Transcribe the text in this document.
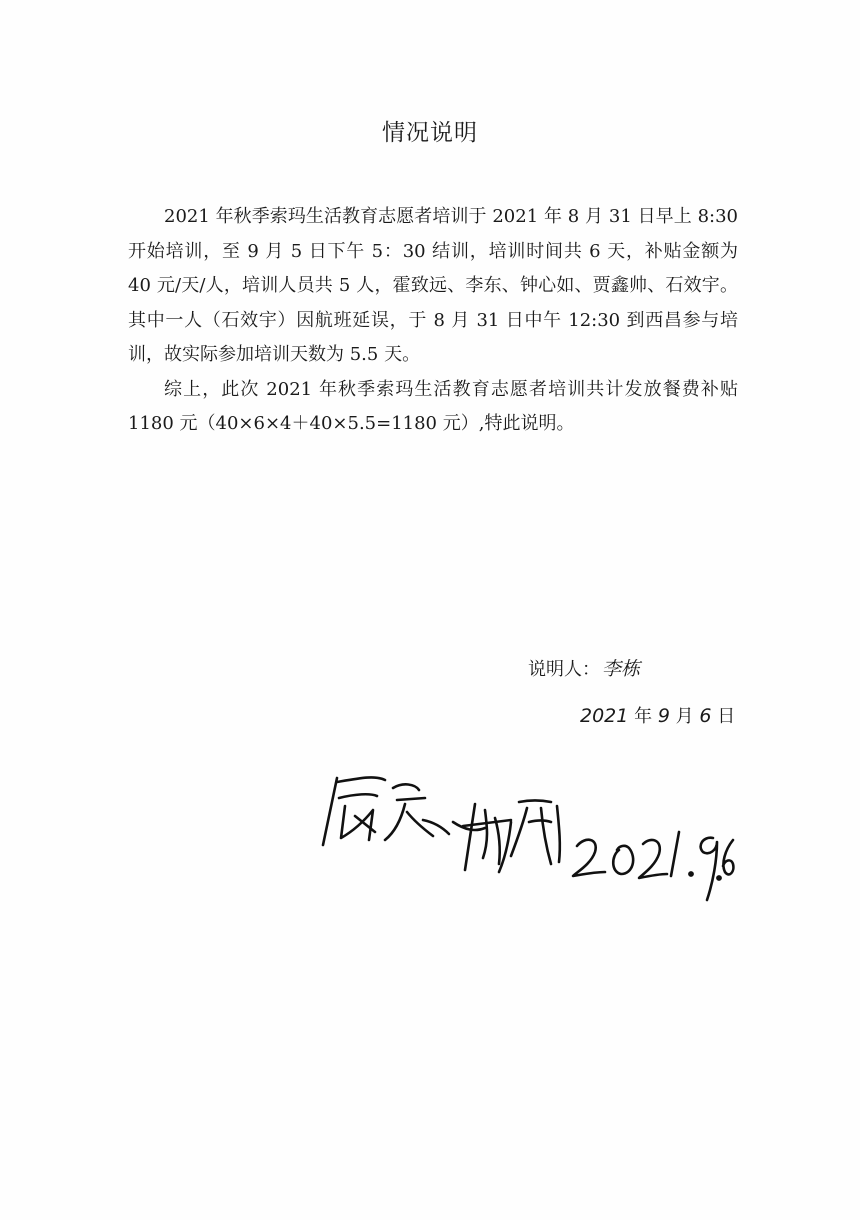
情况说明

2021 年秋季索玛生活教育志愿者培训于 2021 年 8 月 31 日早上 8:30 开始培训，至 9 月 5 日下午 5：30 结训，培训时间共 6 天，补贴金额为 40 元/天/人，培训人员共 5 人，霍致远、李东、钟心如、贾鑫帅、石效宇。其中一人（石效宇）因航班延误，于 8 月 31 日中午 12:30 到西昌参与培训，故实际参加培训天数为 5.5 天。

综上，此次 2021 年秋季索玛生活教育志愿者培训共计发放餐费补贴 1180 元（40×6×4＋40×5.5=1180 元）,特此说明。

说明人： 李栋
2021 年 9 月 6 日
